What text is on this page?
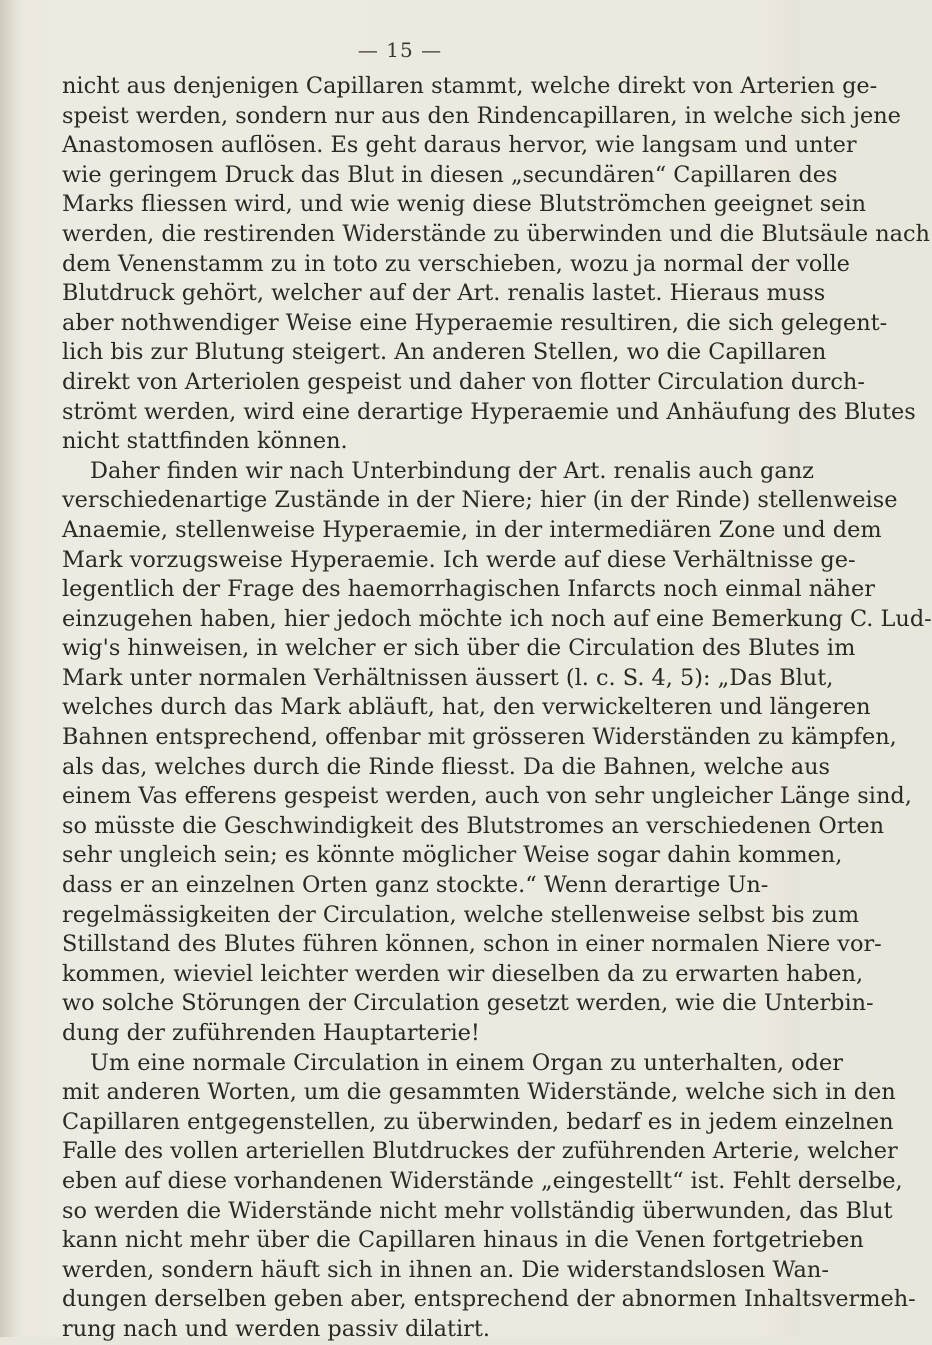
— 15 —
nicht aus denjenigen Capillaren stammt, welche direkt von Arterien ge-
speist werden, sondern nur aus den Rindencapillaren, in welche sich jene
Anastomosen auflösen. Es geht daraus hervor, wie langsam und unter
wie geringem Druck das Blut in diesen „secundären“ Capillaren des
Marks fliessen wird, und wie wenig diese Blutströmchen geeignet sein
werden, die restirenden Widerstände zu überwinden und die Blutsäule nach
dem Venenstamm zu in toto zu verschieben, wozu ja normal der volle
Blutdruck gehört, welcher auf der Art. renalis lastet. Hieraus muss
aber nothwendiger Weise eine Hyperaemie resultiren, die sich gelegent-
lich bis zur Blutung steigert. An anderen Stellen, wo die Capillaren
direkt von Arteriolen gespeist und daher von flotter Circulation durch-
strömt werden, wird eine derartige Hyperaemie und Anhäufung des Blutes
nicht stattfinden können.
Daher finden wir nach Unterbindung der Art. renalis auch ganz
verschiedenartige Zustände in der Niere; hier (in der Rinde) stellenweise
Anaemie, stellenweise Hyperaemie, in der intermediären Zone und dem
Mark vorzugsweise Hyperaemie. Ich werde auf diese Verhältnisse ge-
legentlich der Frage des haemorrhagischen Infarcts noch einmal näher
einzugehen haben, hier jedoch möchte ich noch auf eine Bemerkung C. Lud-
wig's hinweisen, in welcher er sich über die Circulation des Blutes im
Mark unter normalen Verhältnissen äussert (l. c. S. 4, 5): „Das Blut,
welches durch das Mark abläuft, hat, den verwickelteren und längeren
Bahnen entsprechend, offenbar mit grösseren Widerständen zu kämpfen,
als das, welches durch die Rinde fliesst. Da die Bahnen, welche aus
einem Vas efferens gespeist werden, auch von sehr ungleicher Länge sind,
so müsste die Geschwindigkeit des Blutstromes an verschiedenen Orten
sehr ungleich sein; es könnte möglicher Weise sogar dahin kommen,
dass er an einzelnen Orten ganz stockte.“ Wenn derartige Un-
regelmässigkeiten der Circulation, welche stellenweise selbst bis zum
Stillstand des Blutes führen können, schon in einer normalen Niere vor-
kommen, wieviel leichter werden wir dieselben da zu erwarten haben,
wo solche Störungen der Circulation gesetzt werden, wie die Unterbin-
dung der zuführenden Hauptarterie!
Um eine normale Circulation in einem Organ zu unterhalten, oder
mit anderen Worten, um die gesammten Widerstände, welche sich in den
Capillaren entgegenstellen, zu überwinden, bedarf es in jedem einzelnen
Falle des vollen arteriellen Blutdruckes der zuführenden Arterie, welcher
eben auf diese vorhandenen Widerstände „eingestellt“ ist. Fehlt derselbe,
so werden die Widerstände nicht mehr vollständig überwunden, das Blut
kann nicht mehr über die Capillaren hinaus in die Venen fortgetrieben
werden, sondern häuft sich in ihnen an. Die widerstandslosen Wan-
dungen derselben geben aber, entsprechend der abnormen Inhaltsvermeh-
rung nach und werden passiv dilatirt.
